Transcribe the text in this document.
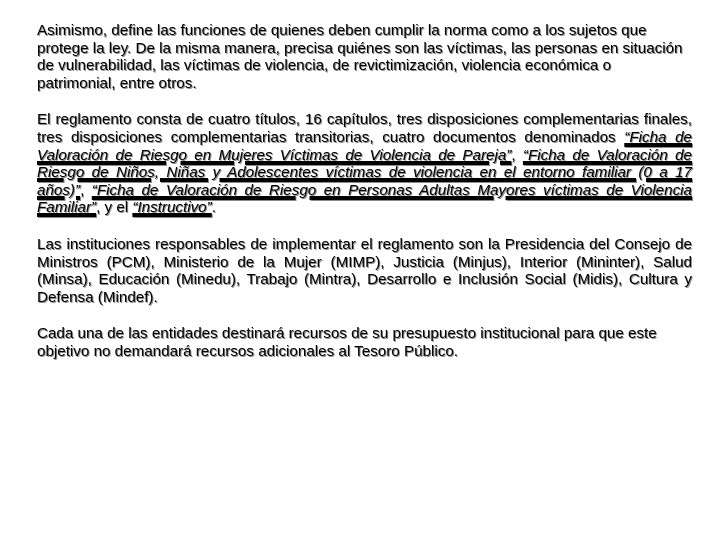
Asimismo, define las funciones de quienes deben cumplir la norma como a los sujetos que protege la ley. De la misma manera, precisa quiénes son las víctimas, las personas en situación de vulnerabilidad, las víctimas de violencia, de revictimización, violencia económica o patrimonial, entre otros.

El reglamento consta de cuatro títulos, 16 capítulos, tres disposiciones complementarias finales, tres disposiciones complementarias transitorias, cuatro documentos denominados “Ficha de Valoración de Riesgo en Mujeres Víctimas de Violencia de Pareja”, “Ficha de Valoración de Riesgo de Niños, Niñas y Adolescentes víctimas de violencia en el entorno familiar (0 a 17 años)”, “Ficha de Valoración de Riesgo en Personas Adultas Mayores víctimas de Violencia Familiar”, y el “Instructivo”.

Las instituciones responsables de implementar el reglamento son la Presidencia del Consejo de Ministros (PCM), Ministerio de la Mujer (MIMP), Justicia (Minjus), Interior (Mininter), Salud (Minsa), Educación (Minedu), Trabajo (Mintra), Desarrollo e Inclusión Social (Midis), Cultura y Defensa (Mindef).

Cada una de las entidades destinará recursos de su presupuesto institucional para que este objetivo no demandará recursos adicionales al Tesoro Público.
